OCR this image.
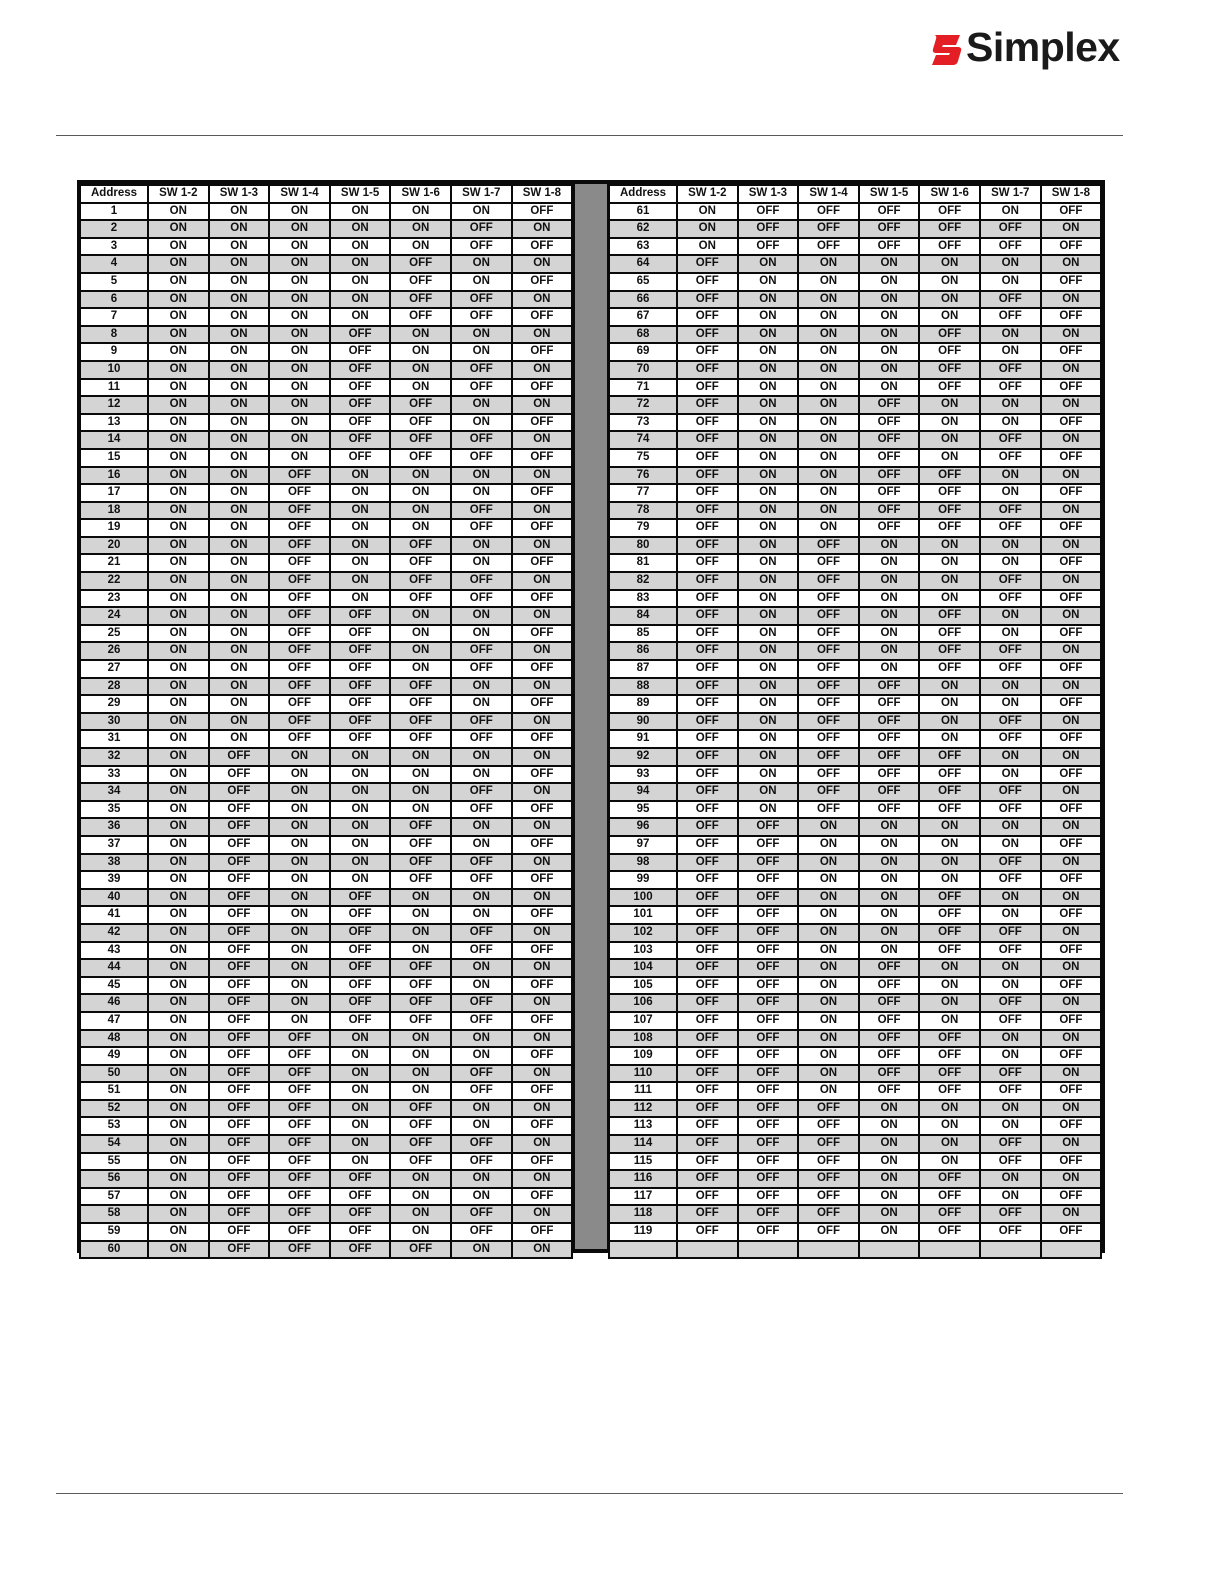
Simplex
Address	SW 1-2	SW 1-3	SW 1-4	SW 1-5	SW 1-6	SW 1-7	SW 1-8
1	ON	ON	ON	ON	ON	ON	OFF
2	ON	ON	ON	ON	ON	OFF	ON
3	ON	ON	ON	ON	ON	OFF	OFF
4	ON	ON	ON	ON	OFF	ON	ON
5	ON	ON	ON	ON	OFF	ON	OFF
6	ON	ON	ON	ON	OFF	OFF	ON
7	ON	ON	ON	ON	OFF	OFF	OFF
8	ON	ON	ON	OFF	ON	ON	ON
9	ON	ON	ON	OFF	ON	ON	OFF
10	ON	ON	ON	OFF	ON	OFF	ON
11	ON	ON	ON	OFF	ON	OFF	OFF
12	ON	ON	ON	OFF	OFF	ON	ON
13	ON	ON	ON	OFF	OFF	ON	OFF
14	ON	ON	ON	OFF	OFF	OFF	ON
15	ON	ON	ON	OFF	OFF	OFF	OFF
16	ON	ON	OFF	ON	ON	ON	ON
17	ON	ON	OFF	ON	ON	ON	OFF
18	ON	ON	OFF	ON	ON	OFF	ON
19	ON	ON	OFF	ON	ON	OFF	OFF
20	ON	ON	OFF	ON	OFF	ON	ON
21	ON	ON	OFF	ON	OFF	ON	OFF
22	ON	ON	OFF	ON	OFF	OFF	ON
23	ON	ON	OFF	ON	OFF	OFF	OFF
24	ON	ON	OFF	OFF	ON	ON	ON
25	ON	ON	OFF	OFF	ON	ON	OFF
26	ON	ON	OFF	OFF	ON	OFF	ON
27	ON	ON	OFF	OFF	ON	OFF	OFF
28	ON	ON	OFF	OFF	OFF	ON	ON
29	ON	ON	OFF	OFF	OFF	ON	OFF
30	ON	ON	OFF	OFF	OFF	OFF	ON
31	ON	ON	OFF	OFF	OFF	OFF	OFF
32	ON	OFF	ON	ON	ON	ON	ON
33	ON	OFF	ON	ON	ON	ON	OFF
34	ON	OFF	ON	ON	ON	OFF	ON
35	ON	OFF	ON	ON	ON	OFF	OFF
36	ON	OFF	ON	ON	OFF	ON	ON
37	ON	OFF	ON	ON	OFF	ON	OFF
38	ON	OFF	ON	ON	OFF	OFF	ON
39	ON	OFF	ON	ON	OFF	OFF	OFF
40	ON	OFF	ON	OFF	ON	ON	ON
41	ON	OFF	ON	OFF	ON	ON	OFF
42	ON	OFF	ON	OFF	ON	OFF	ON
43	ON	OFF	ON	OFF	ON	OFF	OFF
44	ON	OFF	ON	OFF	OFF	ON	ON
45	ON	OFF	ON	OFF	OFF	ON	OFF
46	ON	OFF	ON	OFF	OFF	OFF	ON
47	ON	OFF	ON	OFF	OFF	OFF	OFF
48	ON	OFF	OFF	ON	ON	ON	ON
49	ON	OFF	OFF	ON	ON	ON	OFF
50	ON	OFF	OFF	ON	ON	OFF	ON
51	ON	OFF	OFF	ON	ON	OFF	OFF
52	ON	OFF	OFF	ON	OFF	ON	ON
53	ON	OFF	OFF	ON	OFF	ON	OFF
54	ON	OFF	OFF	ON	OFF	OFF	ON
55	ON	OFF	OFF	ON	OFF	OFF	OFF
56	ON	OFF	OFF	OFF	ON	ON	ON
57	ON	OFF	OFF	OFF	ON	ON	OFF
58	ON	OFF	OFF	OFF	ON	OFF	ON
59	ON	OFF	OFF	OFF	ON	OFF	OFF
60	ON	OFF	OFF	OFF	OFF	ON	ON
Address	SW 1-2	SW 1-3	SW 1-4	SW 1-5	SW 1-6	SW 1-7	SW 1-8
61	ON	OFF	OFF	OFF	OFF	ON	OFF
62	ON	OFF	OFF	OFF	OFF	OFF	ON
63	ON	OFF	OFF	OFF	OFF	OFF	OFF
64	OFF	ON	ON	ON	ON	ON	ON
65	OFF	ON	ON	ON	ON	ON	OFF
66	OFF	ON	ON	ON	ON	OFF	ON
67	OFF	ON	ON	ON	ON	OFF	OFF
68	OFF	ON	ON	ON	OFF	ON	ON
69	OFF	ON	ON	ON	OFF	ON	OFF
70	OFF	ON	ON	ON	OFF	OFF	ON
71	OFF	ON	ON	ON	OFF	OFF	OFF
72	OFF	ON	ON	OFF	ON	ON	ON
73	OFF	ON	ON	OFF	ON	ON	OFF
74	OFF	ON	ON	OFF	ON	OFF	ON
75	OFF	ON	ON	OFF	ON	OFF	OFF
76	OFF	ON	ON	OFF	OFF	ON	ON
77	OFF	ON	ON	OFF	OFF	ON	OFF
78	OFF	ON	ON	OFF	OFF	OFF	ON
79	OFF	ON	ON	OFF	OFF	OFF	OFF
80	OFF	ON	OFF	ON	ON	ON	ON
81	OFF	ON	OFF	ON	ON	ON	OFF
82	OFF	ON	OFF	ON	ON	OFF	ON
83	OFF	ON	OFF	ON	ON	OFF	OFF
84	OFF	ON	OFF	ON	OFF	ON	ON
85	OFF	ON	OFF	ON	OFF	ON	OFF
86	OFF	ON	OFF	ON	OFF	OFF	ON
87	OFF	ON	OFF	ON	OFF	OFF	OFF
88	OFF	ON	OFF	OFF	ON	ON	ON
89	OFF	ON	OFF	OFF	ON	ON	OFF
90	OFF	ON	OFF	OFF	ON	OFF	ON
91	OFF	ON	OFF	OFF	ON	OFF	OFF
92	OFF	ON	OFF	OFF	OFF	ON	ON
93	OFF	ON	OFF	OFF	OFF	ON	OFF
94	OFF	ON	OFF	OFF	OFF	OFF	ON
95	OFF	ON	OFF	OFF	OFF	OFF	OFF
96	OFF	OFF	ON	ON	ON	ON	ON
97	OFF	OFF	ON	ON	ON	ON	OFF
98	OFF	OFF	ON	ON	ON	OFF	ON
99	OFF	OFF	ON	ON	ON	OFF	OFF
100	OFF	OFF	ON	ON	OFF	ON	ON
101	OFF	OFF	ON	ON	OFF	ON	OFF
102	OFF	OFF	ON	ON	OFF	OFF	ON
103	OFF	OFF	ON	ON	OFF	OFF	OFF
104	OFF	OFF	ON	OFF	ON	ON	ON
105	OFF	OFF	ON	OFF	ON	ON	OFF
106	OFF	OFF	ON	OFF	ON	OFF	ON
107	OFF	OFF	ON	OFF	ON	OFF	OFF
108	OFF	OFF	ON	OFF	OFF	ON	ON
109	OFF	OFF	ON	OFF	OFF	ON	OFF
110	OFF	OFF	ON	OFF	OFF	OFF	ON
111	OFF	OFF	ON	OFF	OFF	OFF	OFF
112	OFF	OFF	OFF	ON	ON	ON	ON
113	OFF	OFF	OFF	ON	ON	ON	OFF
114	OFF	OFF	OFF	ON	ON	OFF	ON
115	OFF	OFF	OFF	ON	ON	OFF	OFF
116	OFF	OFF	OFF	ON	OFF	ON	ON
117	OFF	OFF	OFF	ON	OFF	ON	OFF
118	OFF	OFF	OFF	ON	OFF	OFF	ON
119	OFF	OFF	OFF	ON	OFF	OFF	OFF
